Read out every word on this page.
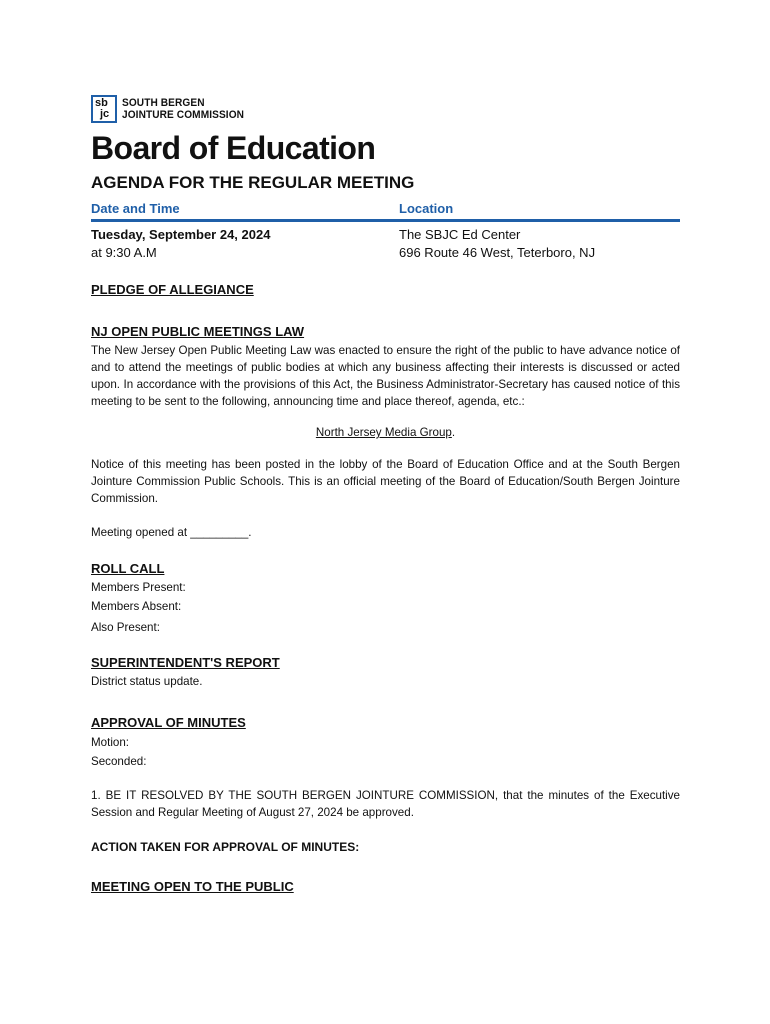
sb
jc
SOUTH BERGEN
JOINTURE COMMISSION
Board of Education
AGENDA FOR THE REGULAR MEETING
Date and Time	Location
Tuesday, September 24, 2024
at 9:30 A.M
The SBJC Ed Center
696 Route 46 West, Teterboro, NJ
PLEDGE OF ALLEGIANCE
NJ OPEN PUBLIC MEETINGS LAW

The New Jersey Open Public Meeting Law was enacted to ensure the right of the public to have advance notice of and to attend the meetings of public bodies at which any business affecting their interests is discussed or acted upon. In accordance with the provisions of this Act, the Business Administrator-Secretary has caused notice of this meeting to be sent to the following, announcing time and place thereof, agenda, etc.:

North Jersey Media Group.

Notice of this meeting has been posted in the lobby of the Board of Education Office and at the South Bergen Jointure Commission Public Schools. This is an official meeting of the Board of Education/South Bergen Jointure Commission.

Meeting opened at _________.

ROLL CALL
Members Present:
Members Absent:
Also Present:
SUPERINTENDENT'S REPORT
District status update.
APPROVAL OF MINUTES
Motion:
Seconded:

1. BE IT RESOLVED BY THE SOUTH BERGEN JOINTURE COMMISSION, that the minutes of the Executive Session and Regular Meeting of August 27, 2024 be approved.

ACTION TAKEN FOR APPROVAL OF MINUTES:
MEETING OPEN TO THE PUBLIC
